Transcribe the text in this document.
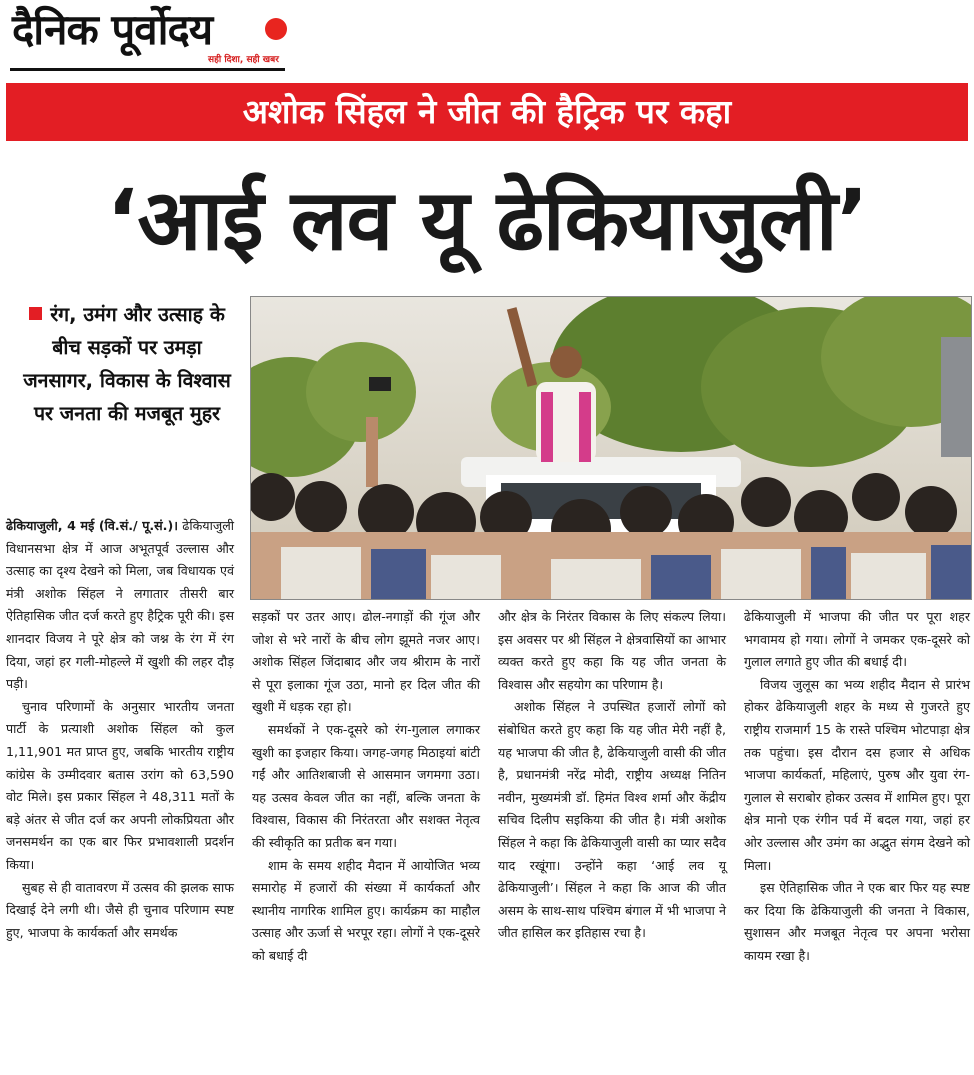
दैनिक पूर्वोदय
सही दिशा, सही खबर
अशोक सिंहल ने जीत की हैट्रिक पर कहा
‘आई लव यू ढेकियाजुली’
रंग, उमंग और उत्साह के बीच सड़कों पर उमड़ा जनसागर, विकास के विश्वास पर जनता की मजबूत मुहर

ढेकियाजुली, 4 मई (वि.सं./ पू.सं.)। ढेकियाजुली विधानसभा क्षेत्र में आज अभूतपूर्व उल्लास और उत्साह का दृश्य देखने को मिला, जब विधायक एवं मंत्री अशोक सिंहल ने लगातार तीसरी बार ऐतिहासिक जीत दर्ज करते हुए हैट्रिक पूरी की। इस शानदार विजय ने पूरे क्षेत्र को जश्न के रंग में रंग दिया, जहां हर गली-मोहल्ले में खुशी की लहर दौड़ पड़ी।

चुनाव परिणामों के अनुसार भारतीय जनता पार्टी के प्रत्याशी अशोक सिंहल को कुल 1,11,901 मत प्राप्त हुए, जबकि भारतीय राष्ट्रीय कांग्रेस के उम्मीदवार बतास उरांग को 63,590 वोट मिले। इस प्रकार सिंहल ने 48,311 मतों के बड़े अंतर से जीत दर्ज कर अपनी लोकप्रियता और जनसमर्थन का एक बार फिर प्रभावशाली प्रदर्शन किया।

सुबह से ही वातावरण में उत्सव की झलक साफ दिखाई देने लगी थी। जैसे ही चुनाव परिणाम स्पष्ट हुए, भाजपा के कार्यकर्ता और समर्थक

सड़कों पर उतर आए। ढोल-नगाड़ों की गूंज और जोश से भरे नारों के बीच लोग झूमते नजर आए। अशोक सिंहल जिंदाबाद और जय श्रीराम के नारों से पूरा इलाका गूंज उठा, मानो हर दिल जीत की खुशी में धड़क रहा हो।

समर्थकों ने एक-दूसरे को रंग-गुलाल लगाकर खुशी का इजहार किया। जगह-जगह मिठाइयां बांटी गईं और आतिशबाजी से आसमान जगमगा उठा। यह उत्सव केवल जीत का नहीं, बल्कि जनता के विश्वास, विकास की निरंतरता और सशक्त नेतृत्व की स्वीकृति का प्रतीक बन गया।

शाम के समय शहीद मैदान में आयोजित भव्य समारोह में हजारों की संख्या में कार्यकर्ता और स्थानीय नागरिक शामिल हुए। कार्यक्रम का माहौल उत्साह और ऊर्जा से भरपूर रहा। लोगों ने एक-दूसरे को बधाई दी

और क्षेत्र के निरंतर विकास के लिए संकल्प लिया। इस अवसर पर श्री सिंहल ने क्षेत्रवासियों का आभार व्यक्त करते हुए कहा कि यह जीत जनता के विश्वास और सहयोग का परिणाम है।

अशोक सिंहल ने उपस्थित हजारों लोगों को संबोधित करते हुए कहा कि यह जीत मेरी नहीं है, यह भाजपा की जीत है, ढेकियाजुली वासी की जीत है, प्रधानमंत्री नरेंद्र मोदी, राष्ट्रीय अध्यक्ष नितिन नवीन, मुख्यमंत्री डॉ. हिमंत विश्व शर्मा और केंद्रीय सचिव दिलीप सइकिया की जीत है। मंत्री अशोक सिंहल ने कहा कि ढेकियाजुली वासी का प्यार सदैव याद रखूंगा। उन्होंने कहा ‘आई लव यू ढेकियाजुली’। सिंहल ने कहा कि आज की जीत असम के साथ-साथ पश्चिम बंगाल में भी भाजपा ने जीत हासिल कर इतिहास रचा है।

ढेकियाजुली में भाजपा की जीत पर पूरा शहर भगवामय हो गया। लोगों ने जमकर एक-दूसरे को गुलाल लगाते हुए जीत की बधाई दी।

विजय जुलूस का भव्य शहीद मैदान से प्रारंभ होकर ढेकियाजुली शहर के मध्य से गुजरते हुए राष्ट्रीय राजमार्ग 15 के रास्ते पश्चिम भोटपाड़ा क्षेत्र तक पहुंचा। इस दौरान दस हजार से अधिक भाजपा कार्यकर्ता, महिलाएं, पुरुष और युवा रंग-गुलाल से सराबोर होकर उत्सव में शामिल हुए। पूरा क्षेत्र मानो एक रंगीन पर्व में बदल गया, जहां हर ओर उल्लास और उमंग का अद्भुत संगम देखने को मिला।

इस ऐतिहासिक जीत ने एक बार फिर यह स्पष्ट कर दिया कि ढेकियाजुली की जनता ने विकास, सुशासन और मजबूत नेतृत्व पर अपना भरोसा कायम रखा है।
